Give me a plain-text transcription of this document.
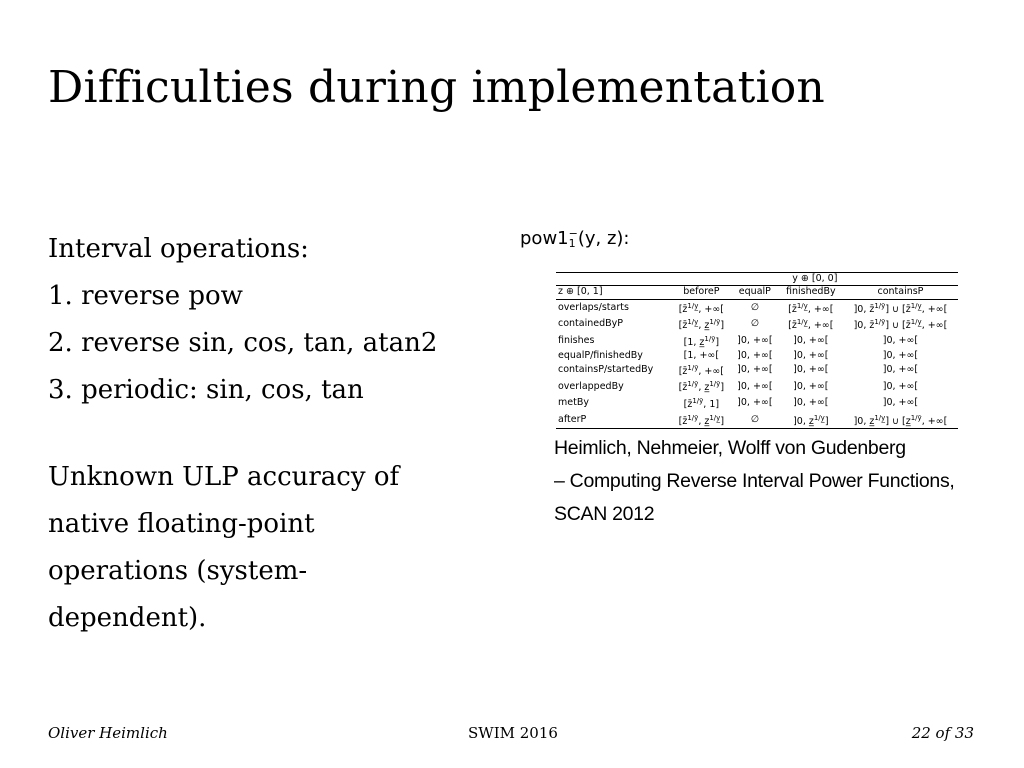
Difficulties during implementation
Interval operations:
1. reverse pow
2. reverse sin, cos, tan, atan2
3. periodic: sin, cos, tan
Unknown ULP accuracy of
native floating-point
operations (system-
dependent).
pow1−
1 (y, z):
	y ⊕ [0, 0]			
z ⊕ [0, 1]	beforeP	equalP	finishedBy	containsP
overlaps/starts	[z̄$^{1/y̲}$, +∞[	∅	[z̄$^{1/y̲}$, +∞[	]0, z̄$^{1/ȳ}$] ∪ [z̄$^{1/y̲}$, +∞[
containedByP	[z̄$^{1/y̲}$, z̲$^{1/ȳ}$]	∅	[z̄$^{1/y̲}$, +∞[	]0, z̄$^{1/ȳ}$] ∪ [z̄$^{1/y̲}$, +∞[
finishes	[1, z̲$^{1/ȳ}$]	]0, +∞[	]0, +∞[	]0, +∞[
equalP/finishedBy	[1, +∞[	]0, +∞[	]0, +∞[	]0, +∞[
containsP/startedBy	[z̄$^{1/ȳ}$, +∞[	]0, +∞[	]0, +∞[	]0, +∞[
overlappedBy	[z̄$^{1/ȳ}$, z̲$^{1/ȳ}$]	]0, +∞[	]0, +∞[	]0, +∞[
metBy	[z̄$^{1/ȳ}$, 1]	]0, +∞[	]0, +∞[	]0, +∞[
afterP	[z̄$^{1/ȳ}$, z̲$^{1/y̲}$]	∅	]0, z̲$^{1/y̲}$]	]0, z̲$^{1/y̲}$] ∪ [z̲$^{1/ȳ}$, +∞[
Heimlich, Nehmeier, Wolff von Gudenberg
– Computing Reverse Interval Power Functions,
SCAN 2012
Oliver Heimlich	SWIM 2016	22 of 33
